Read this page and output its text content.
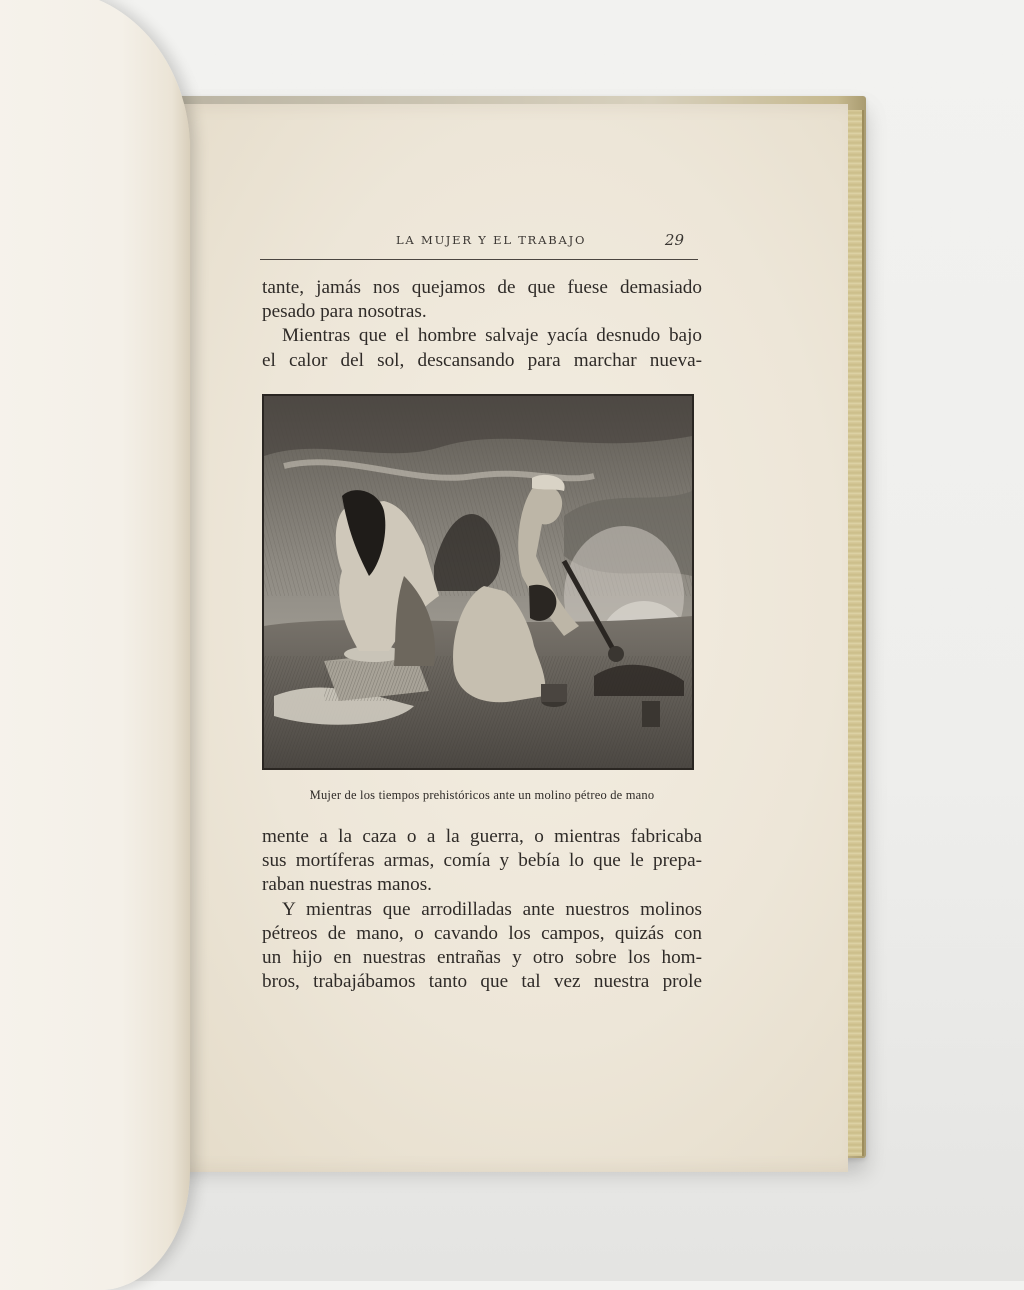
LA MUJER Y EL TRABAJO	29
tante, jamás nos quejamos de que fuese demasiado
pesado para nosotras.
Mientras que el hombre salvaje yacía desnudo bajo
el calor del sol, descansando para marchar nueva-
Mujer de los tiempos prehistóricos ante un molino pétreo de mano
mente a la caza o a la guerra, o mientras fabricaba
sus mortíferas armas, comía y bebía lo que le prepa-
raban nuestras manos.
Y mientras que arrodilladas ante nuestros molinos
pétreos de mano, o cavando los campos, quizás con
un hijo en nuestras entrañas y otro sobre los hom-
bros, trabajábamos tanto que tal vez nuestra prole
